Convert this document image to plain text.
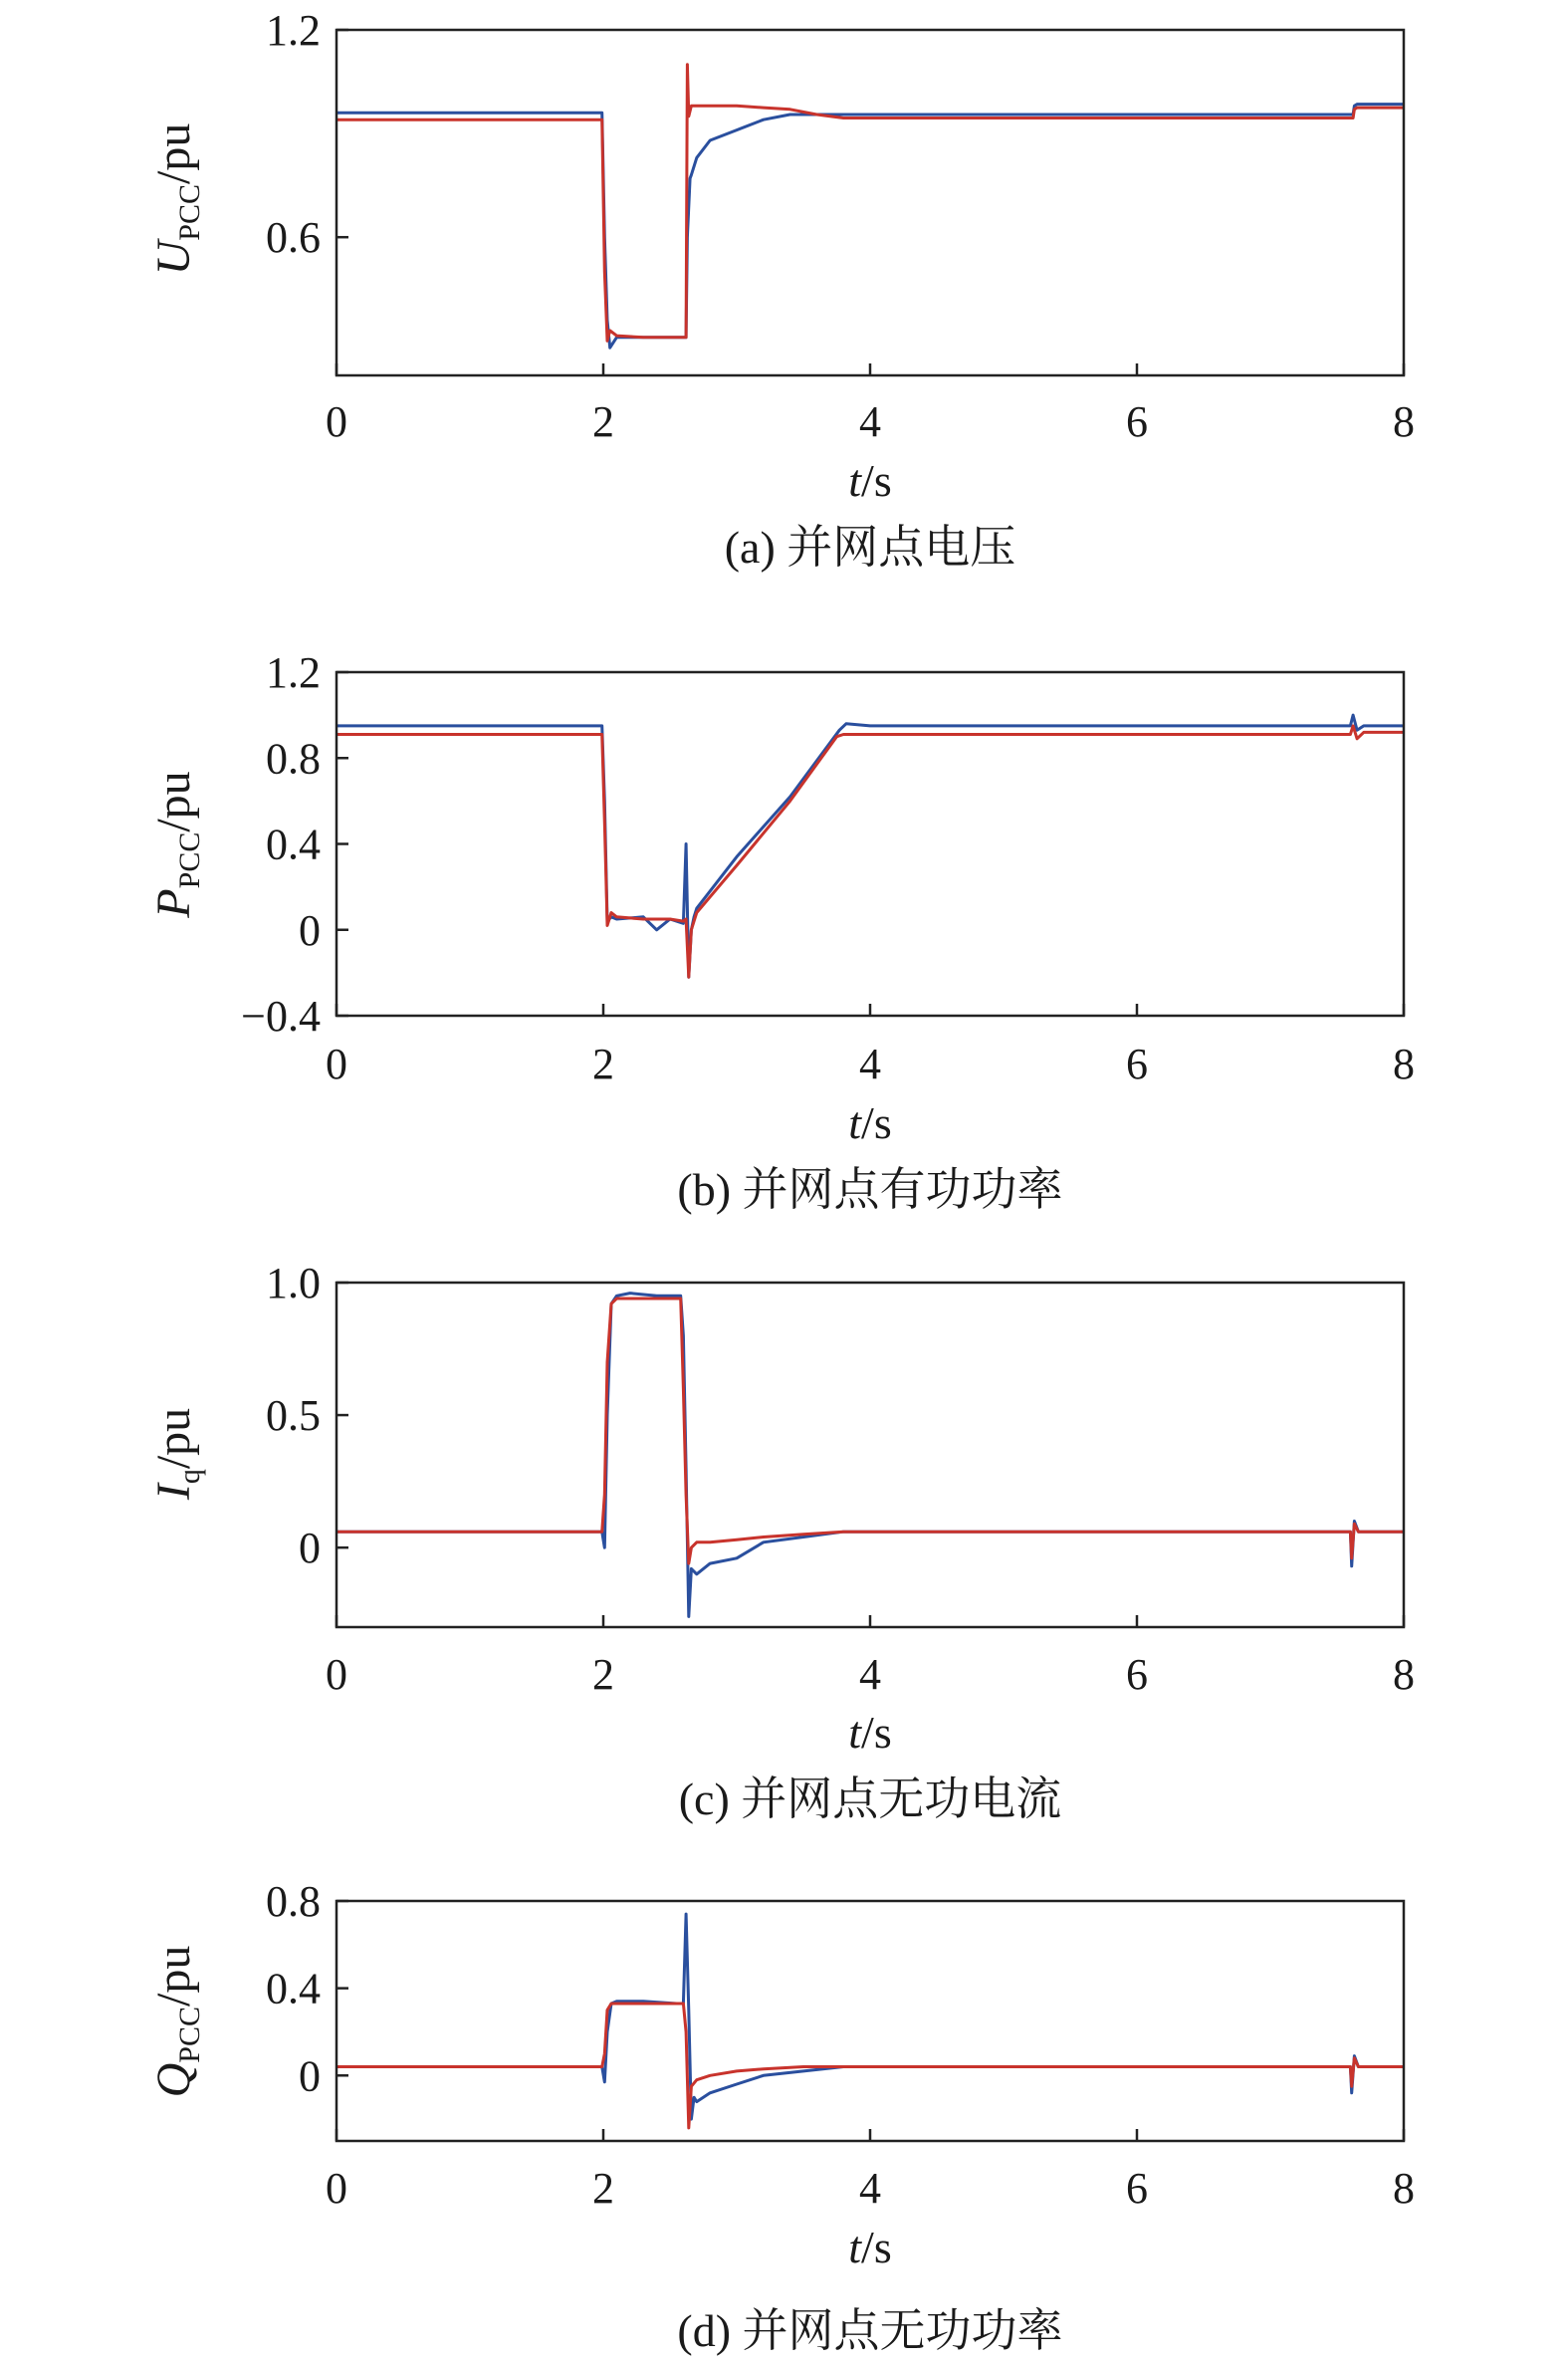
0	2	4	6	8
0.6
1.2
t/s
$U_{PCC}/pu$
(a) 并网点电压
0	2	4	6	8
−0.4
0
0.4
0.8
1.2
t/s
$P_{PCC}/pu$
(b) 并网点有功功率
0	2	4	6	8
0
0.5
1.0
t/s
$I_q/pu$
(c) 并网点无功电流
0	2	4	6	8
0
0.4
0.8
t/s
$Q_{PCC}/pu$
(d) 并网点无功功率
